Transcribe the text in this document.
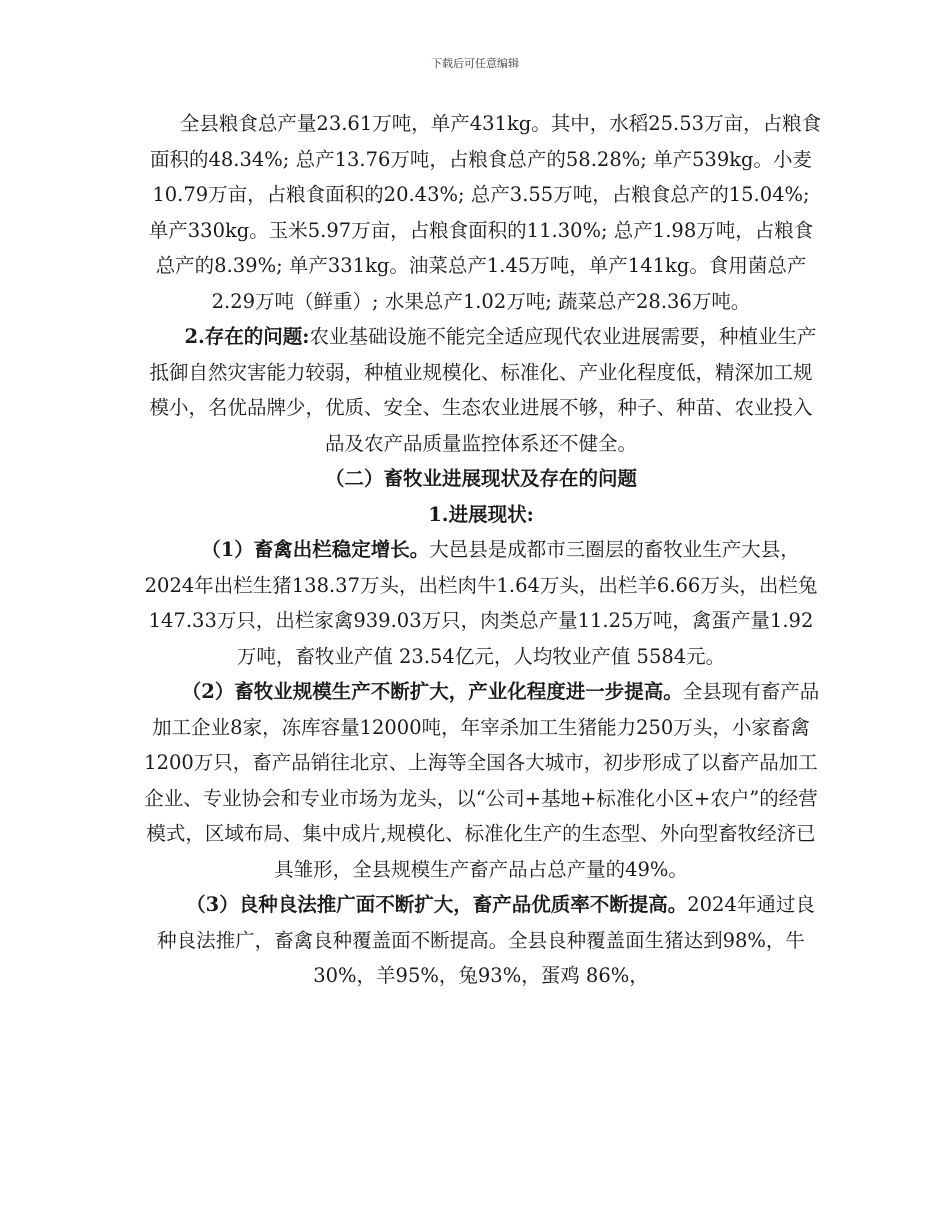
下载后可任意编辑

全县粮食总产量23.61万吨，单产431kg。其中，水稻25.53万亩，占粮食面积的48.34%; 总产13.76万吨，占粮食总产的58.28%; 单产539kg。小麦10.79万亩，占粮食面积的20.43%; 总产3.55万吨，占粮食总产的15.04%; 单产330kg。玉米5.97万亩，占粮食面积的11.30%; 总产1.98万吨，占粮食总产的8.39%; 单产331kg。油菜总产1.45万吨，单产141kg。食用菌总产2.29万吨（鲜重）; 水果总产1.02万吨; 蔬菜总产28.36万吨。

2.存在的问题:农业基础设施不能完全适应现代农业进展需要，种植业生产抵御自然灾害能力较弱，种植业规模化、标准化、产业化程度低，精深加工规模小，名优品牌少，优质、安全、生态农业进展不够，种子、种苗、农业投入品及农产品质量监控体系还不健全。

（二）畜牧业进展现状及存在的问题

1.进展现状:

（1）畜禽出栏稳定增长。大邑县是成都市三圈层的畜牧业生产大县，2024年出栏生猪138.37万头，出栏肉牛1.64万头，出栏羊6.66万头，出栏兔147.33万只，出栏家禽939.03万只，肉类总产量11.25万吨，禽蛋产量1.92万吨，畜牧业产值 23.54亿元，人均牧业产值 5584元。

（2）畜牧业规模生产不断扩大，产业化程度进一步提高。全县现有畜产品加工企业8家，冻库容量12000吨，年宰杀加工生猪能力250万头，小家畜禽1200万只，畜产品销往北京、上海等全国各大城市，初步形成了以畜产品加工企业、专业协会和专业市场为龙头，以“公司+基地+标准化小区+农户”的经营模式，区域布局、集中成片,规模化、标准化生产的生态型、外向型畜牧经济已具雏形，全县规模生产畜产品占总产量的49%。

（3）良种良法推广面不断扩大，畜产品优质率不断提高。2024年通过良种良法推广，畜禽良种覆盖面不断提高。全县良种覆盖面生猪达到98%，牛 30%，羊95%，兔93%，蛋鸡 86%，
